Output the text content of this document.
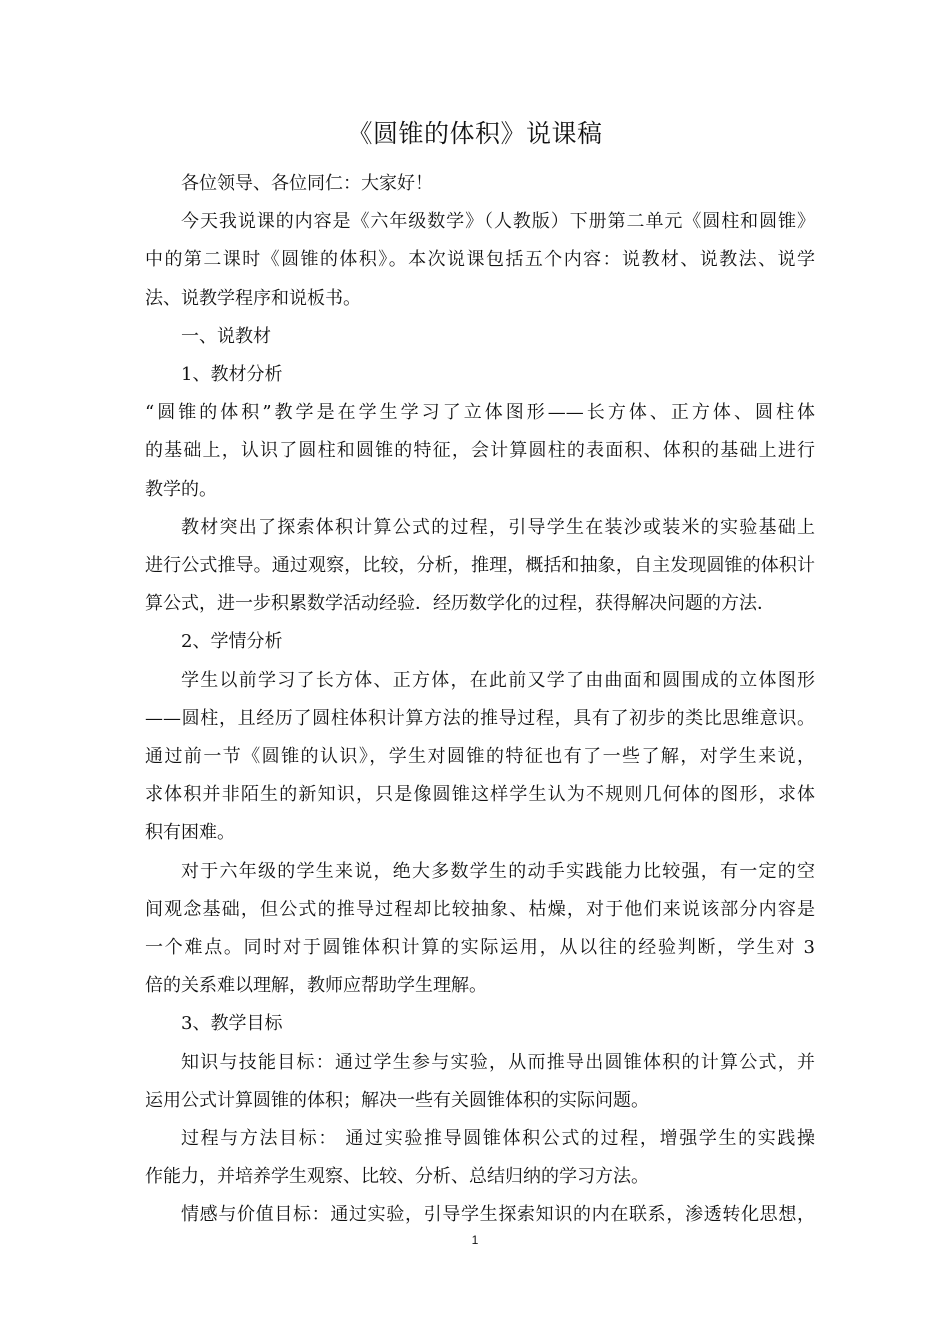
《圆锥的体积》说课稿
各位领导、各位同仁：大家好！
今天我说课的内容是《六年级数学》（人教版）下册第二单元《圆柱和圆锥》
中的第二课时《圆锥的体积》。本次说课包括五个内容：说教材、说教法、说学
法、说教学程序和说板书。
一、说教材
1、教材分析
“圆锥的体积”教学是在学生学习了立体图形——长方体、正方体、圆柱体
的基础上，认识了圆柱和圆锥的特征，会计算圆柱的表面积、体积的基础上进行
教学的。
教材突出了探索体积计算公式的过程，引导学生在装沙或装米的实验基础上
进行公式推导。通过观察，比较，分析，推理，概括和抽象，自主发现圆锥的体积计
算公式，进一步积累数学活动经验．经历数学化的过程，获得解决问题的方法．
2、学情分析
学生以前学习了长方体、正方体，在此前又学了由曲面和圆围成的立体图形
——圆柱，且经历了圆柱体积计算方法的推导过程，具有了初步的类比思维意识。
通过前一节《圆锥的认识》，学生对圆锥的特征也有了一些了解，对学生来说，
求体积并非陌生的新知识，只是像圆锥这样学生认为不规则几何体的图形，求体
积有困难。
对于六年级的学生来说，绝大多数学生的动手实践能力比较强，有一定的空
间观念基础，但公式的推导过程却比较抽象、枯燥，对于他们来说该部分内容是
一个难点。同时对于圆锥体积计算的实际运用，从以往的经验判断，学生对 3
倍的关系难以理解，教师应帮助学生理解。
3、教学目标
知识与技能目标：通过学生参与实验，从而推导出圆锥体积的计算公式，并
运用公式计算圆锥的体积；解决一些有关圆锥体积的实际问题。
过程与方法目标： 通过实验推导圆锥体积公式的过程，增强学生的实践操
作能力，并培养学生观察、比较、分析、总结归纳的学习方法。
情感与价值目标：通过实验，引导学生探索知识的内在联系，渗透转化思想，
1
